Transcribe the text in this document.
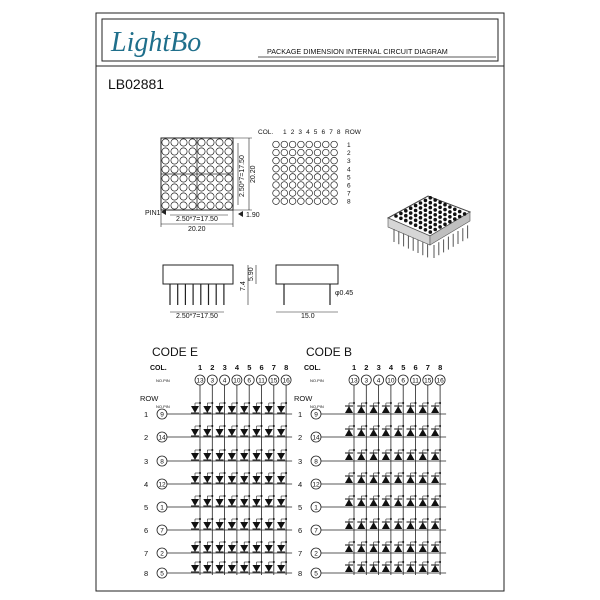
LightBo	PACKAGE DIMENSION INTERNAL CIRCUIT DIAGRAM
LB02881
2.50*7=17.50
20.20
2.50*7=17.50 20.20
PIN1	1.90
2.50*7=17.50
7.4
5.90
15.0
φ0.45
COL.	ROW
1 2 3 4 5 6 7 8
1
2
3
4
5
6
7
8
CODE E
COL.	1 2 3 4 5 6 7 8
NO.PIN	13 3 4 10 6 11 15 16
ROW
NO.PIN
1 9
2 14
3 8
4 12
5 1
6 7
7 2
8 5
CODE B
COL.	1 2 3 4 5 6 7 8
NO.PIN	13 3 4 10 6 11 15 16
ROW
NO.PIN
1 9
2 14
3 8
4 12
5 1
6 7
7 2
8 5
